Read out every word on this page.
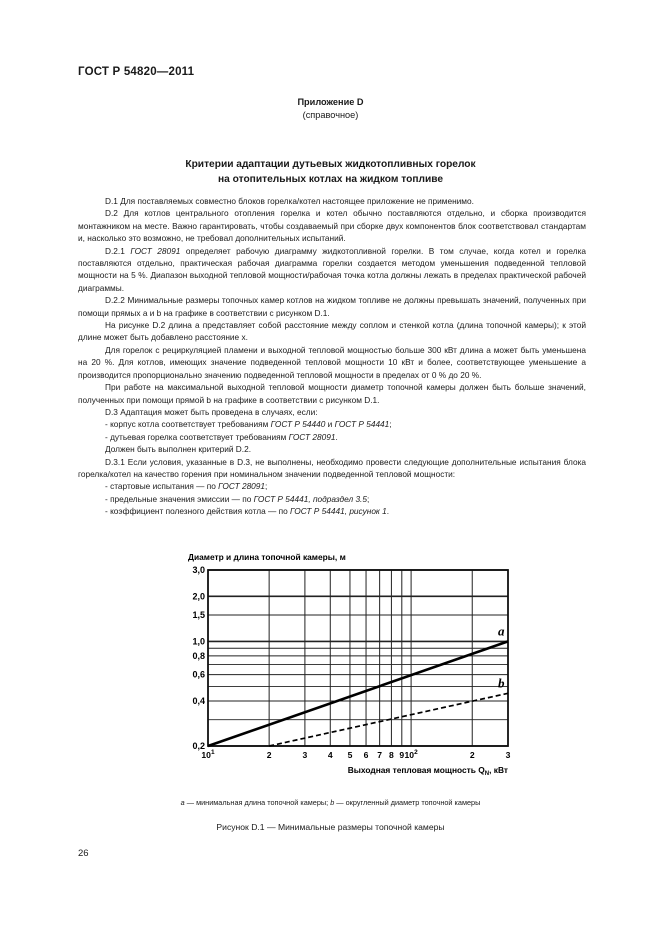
ГОСТ Р 54820—2011
Приложение D
(справочное)
Критерии адаптации дутьевых жидкотопливных горелок
на отопительных котлах на жидком топливе

D.1 Для поставляемых совместно блоков горелка/котел настоящее приложение не применимо.

D.2 Для котлов центрального отопления горелка и котел обычно поставляются отдельно, и сборка производится монтажником на месте. Важно гарантировать, чтобы создаваемый при сборке двух компонентов блок соответствовал стандартам и, насколько это возможно, не требовал дополнительных испытаний.

D.2.1 ГОСТ 28091 определяет рабочую диаграмму жидкотопливной горелки. В том случае, когда котел и горелка поставляются отдельно, практическая рабочая диаграмма горелки создается методом уменьшения подведенной тепловой мощности на 5 %. Диапазон выходной тепловой мощности/рабочая точка котла должны лежать в пределах практической рабочей диаграммы.

D.2.2 Минимальные размеры топочных камер котлов на жидком топливе не должны превышать значений, полученных при помощи прямых a и b на графике в соответствии с рисунком D.1.

На рисунке D.2 длина a представляет собой расстояние между соплом и стенкой котла (длина топочной камеры); к этой длине может быть добавлено расстояние x.

Для горелок с рециркуляцией пламени и выходной тепловой мощностью больше 300 кВт длина a может быть уменьшена на 20 %. Для котлов, имеющих значение подведенной тепловой мощности 10 кВт и более, соответствующее уменьшение a производится пропорционально значению подведенной тепловой мощности в пределах от 0 % до 20 %.

При работе на максимальной выходной тепловой мощности диаметр топочной камеры должен быть больше значений, полученных при помощи прямой b на графике в соответствии с рисунком D.1.

D.3 Адаптация может быть проведена в случаях, если:

- корпус котла соответствует требованиям ГОСТ Р 54440 и ГОСТ Р 54441;

- дутьевая горелка соответствует требованиям ГОСТ 28091.

Должен быть выполнен критерий D.2.

D.3.1 Если условия, указанные в D.3, не выполнены, необходимо провести следующие дополнительные испытания блока горелка/котел на качество горения при номинальном значении подведенной тепловой мощности:

- стартовые испытания — по ГОСТ 28091;

- предельные значения эмиссии — по ГОСТ Р 54441, подраздел 3.5;

- коэффициент полезного действия котла — по ГОСТ Р 54441, рисунок 1.

Диаметр и длина топочной камеры, м
0,2
0,4
0,6
0,8
1,0
1,5
2,0
3,0
$10^1$	2	3 4 5 6 7 8 9 $10^2$	2	3
Выходная тепловая мощность $Q_N$, кВт
a
b
a — минимальная длина топочной камеры; b — округленный диаметр топочной камеры
Рисунок D.1 — Минимальные размеры топочной камеры
26
